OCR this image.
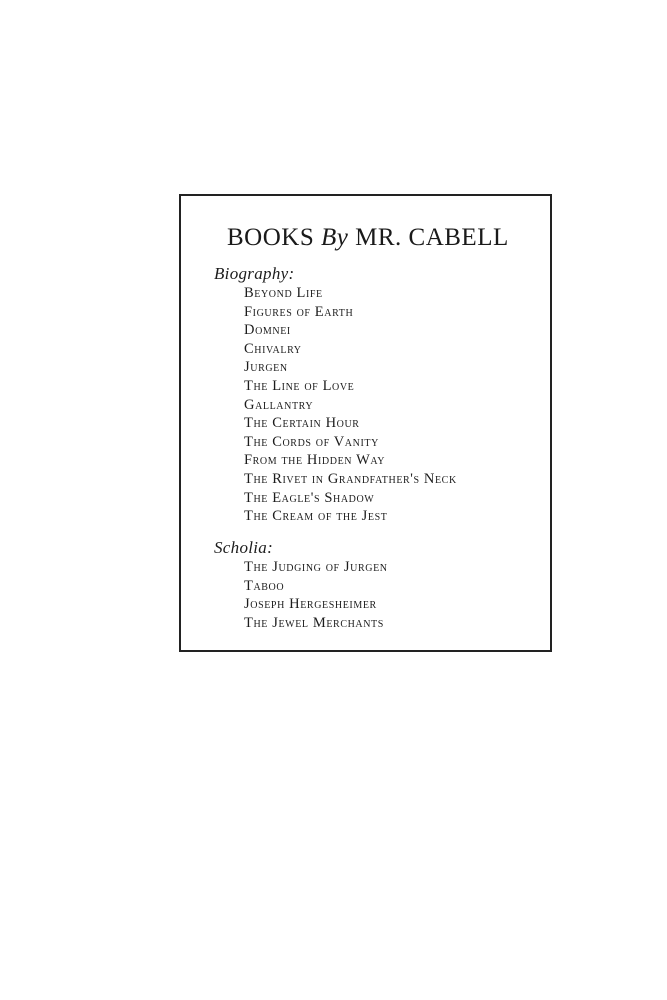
BOOKS By MR. CABELL
Biography:
Beyond Life
Figures of Earth
Domnei
Chivalry
Jurgen
The Line of Love
Gallantry
The Certain Hour
The Cords of Vanity
From the Hidden Way
The Rivet in Grandfather's Neck
The Eagle's Shadow
The Cream of the Jest
Scholia:
The Judging of Jurgen
Taboo
Joseph Hergesheimer
The Jewel Merchants
